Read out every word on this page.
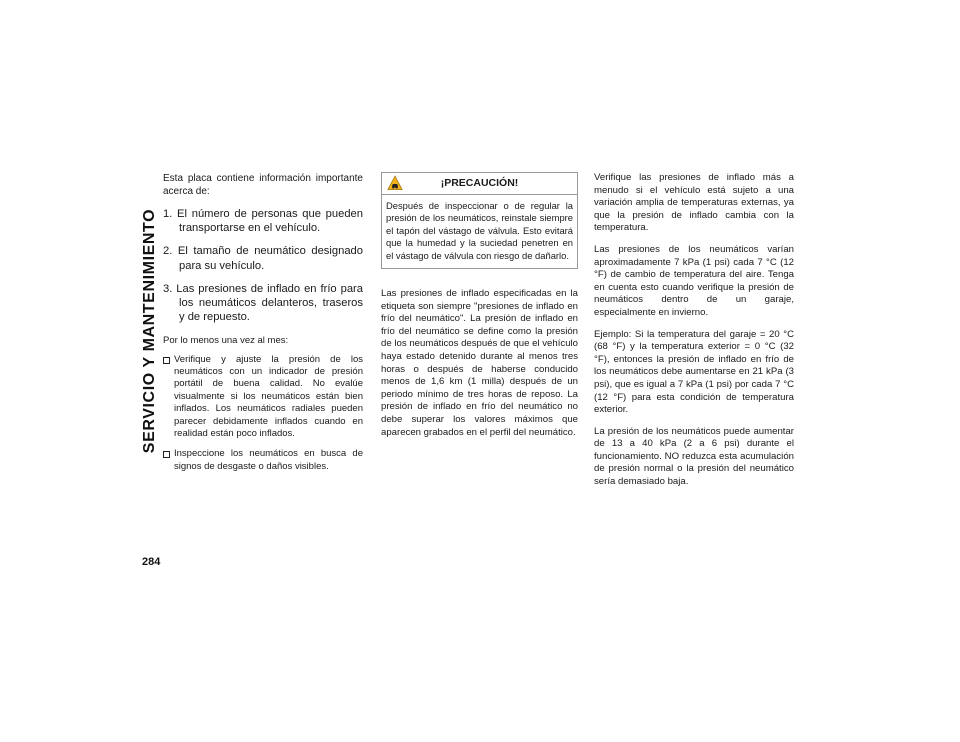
SERVICIO Y MANTENIMIENTO
284

Esta placa contiene información importante acerca de:

1. El número de personas que pueden transportarse en el vehículo.
2. El tamaño de neumático designado para su vehículo.
3. Las presiones de inflado en frío para los neumáticos delanteros, traseros y de repuesto.

Por lo menos una vez al mes:

Verifique y ajuste la presión de los neumáticos con un indicador de presión portátil de buena calidad. No evalúe visualmente si los neumáticos están bien inflados. Los neumáticos radiales pueden parecer debidamente inflados cuando en realidad están poco inflados.
Inspeccione los neumáticos en busca de signos de desgaste o daños visibles.
¡PRECAUCIÓN!
Después de inspeccionar o de regular la presión de los neumáticos, reinstale siempre el tapón del vástago de válvula. Esto evitará que la humedad y la suciedad penetren en el vástago de válvula con riesgo de dañarlo.

Las presiones de inflado especificadas en la etiqueta son siempre "presiones de inflado en frío del neumático". La presión de inflado en frío del neumático se define como la presión de los neumáticos después de que el vehículo haya estado detenido durante al menos tres horas o después de haberse conducido menos de 1,6 km (1 milla) después de un periodo mínimo de tres horas de reposo. La presión de inflado en frío del neumático no debe superar los valores máximos que aparecen grabados en el perfil del neumático.

Verifique las presiones de inflado más a menudo si el vehículo está sujeto a una variación amplia de temperaturas externas, ya que la presión de inflado cambia con la temperatura.

Las presiones de los neumáticos varían aproximadamente 7 kPa (1 psi) cada 7 °C (12 °F) de cambio de temperatura del aire. Tenga en cuenta esto cuando verifique la presión de neumáticos dentro de un garaje, especialmente en invierno.

Ejemplo: Si la temperatura del garaje = 20 °C (68 °F) y la temperatura exterior = 0 °C (32 °F), entonces la presión de inflado en frío de los neumáticos debe aumentarse en 21 kPa (3 psi), que es igual a 7 kPa (1 psi) por cada 7 °C (12 °F) para esta condición de temperatura exterior.

La presión de los neumáticos puede aumentar de 13 a 40 kPa (2 a 6 psi) durante el funcionamiento. NO reduzca esta acumulación de presión normal o la presión del neumático sería demasiado baja.
